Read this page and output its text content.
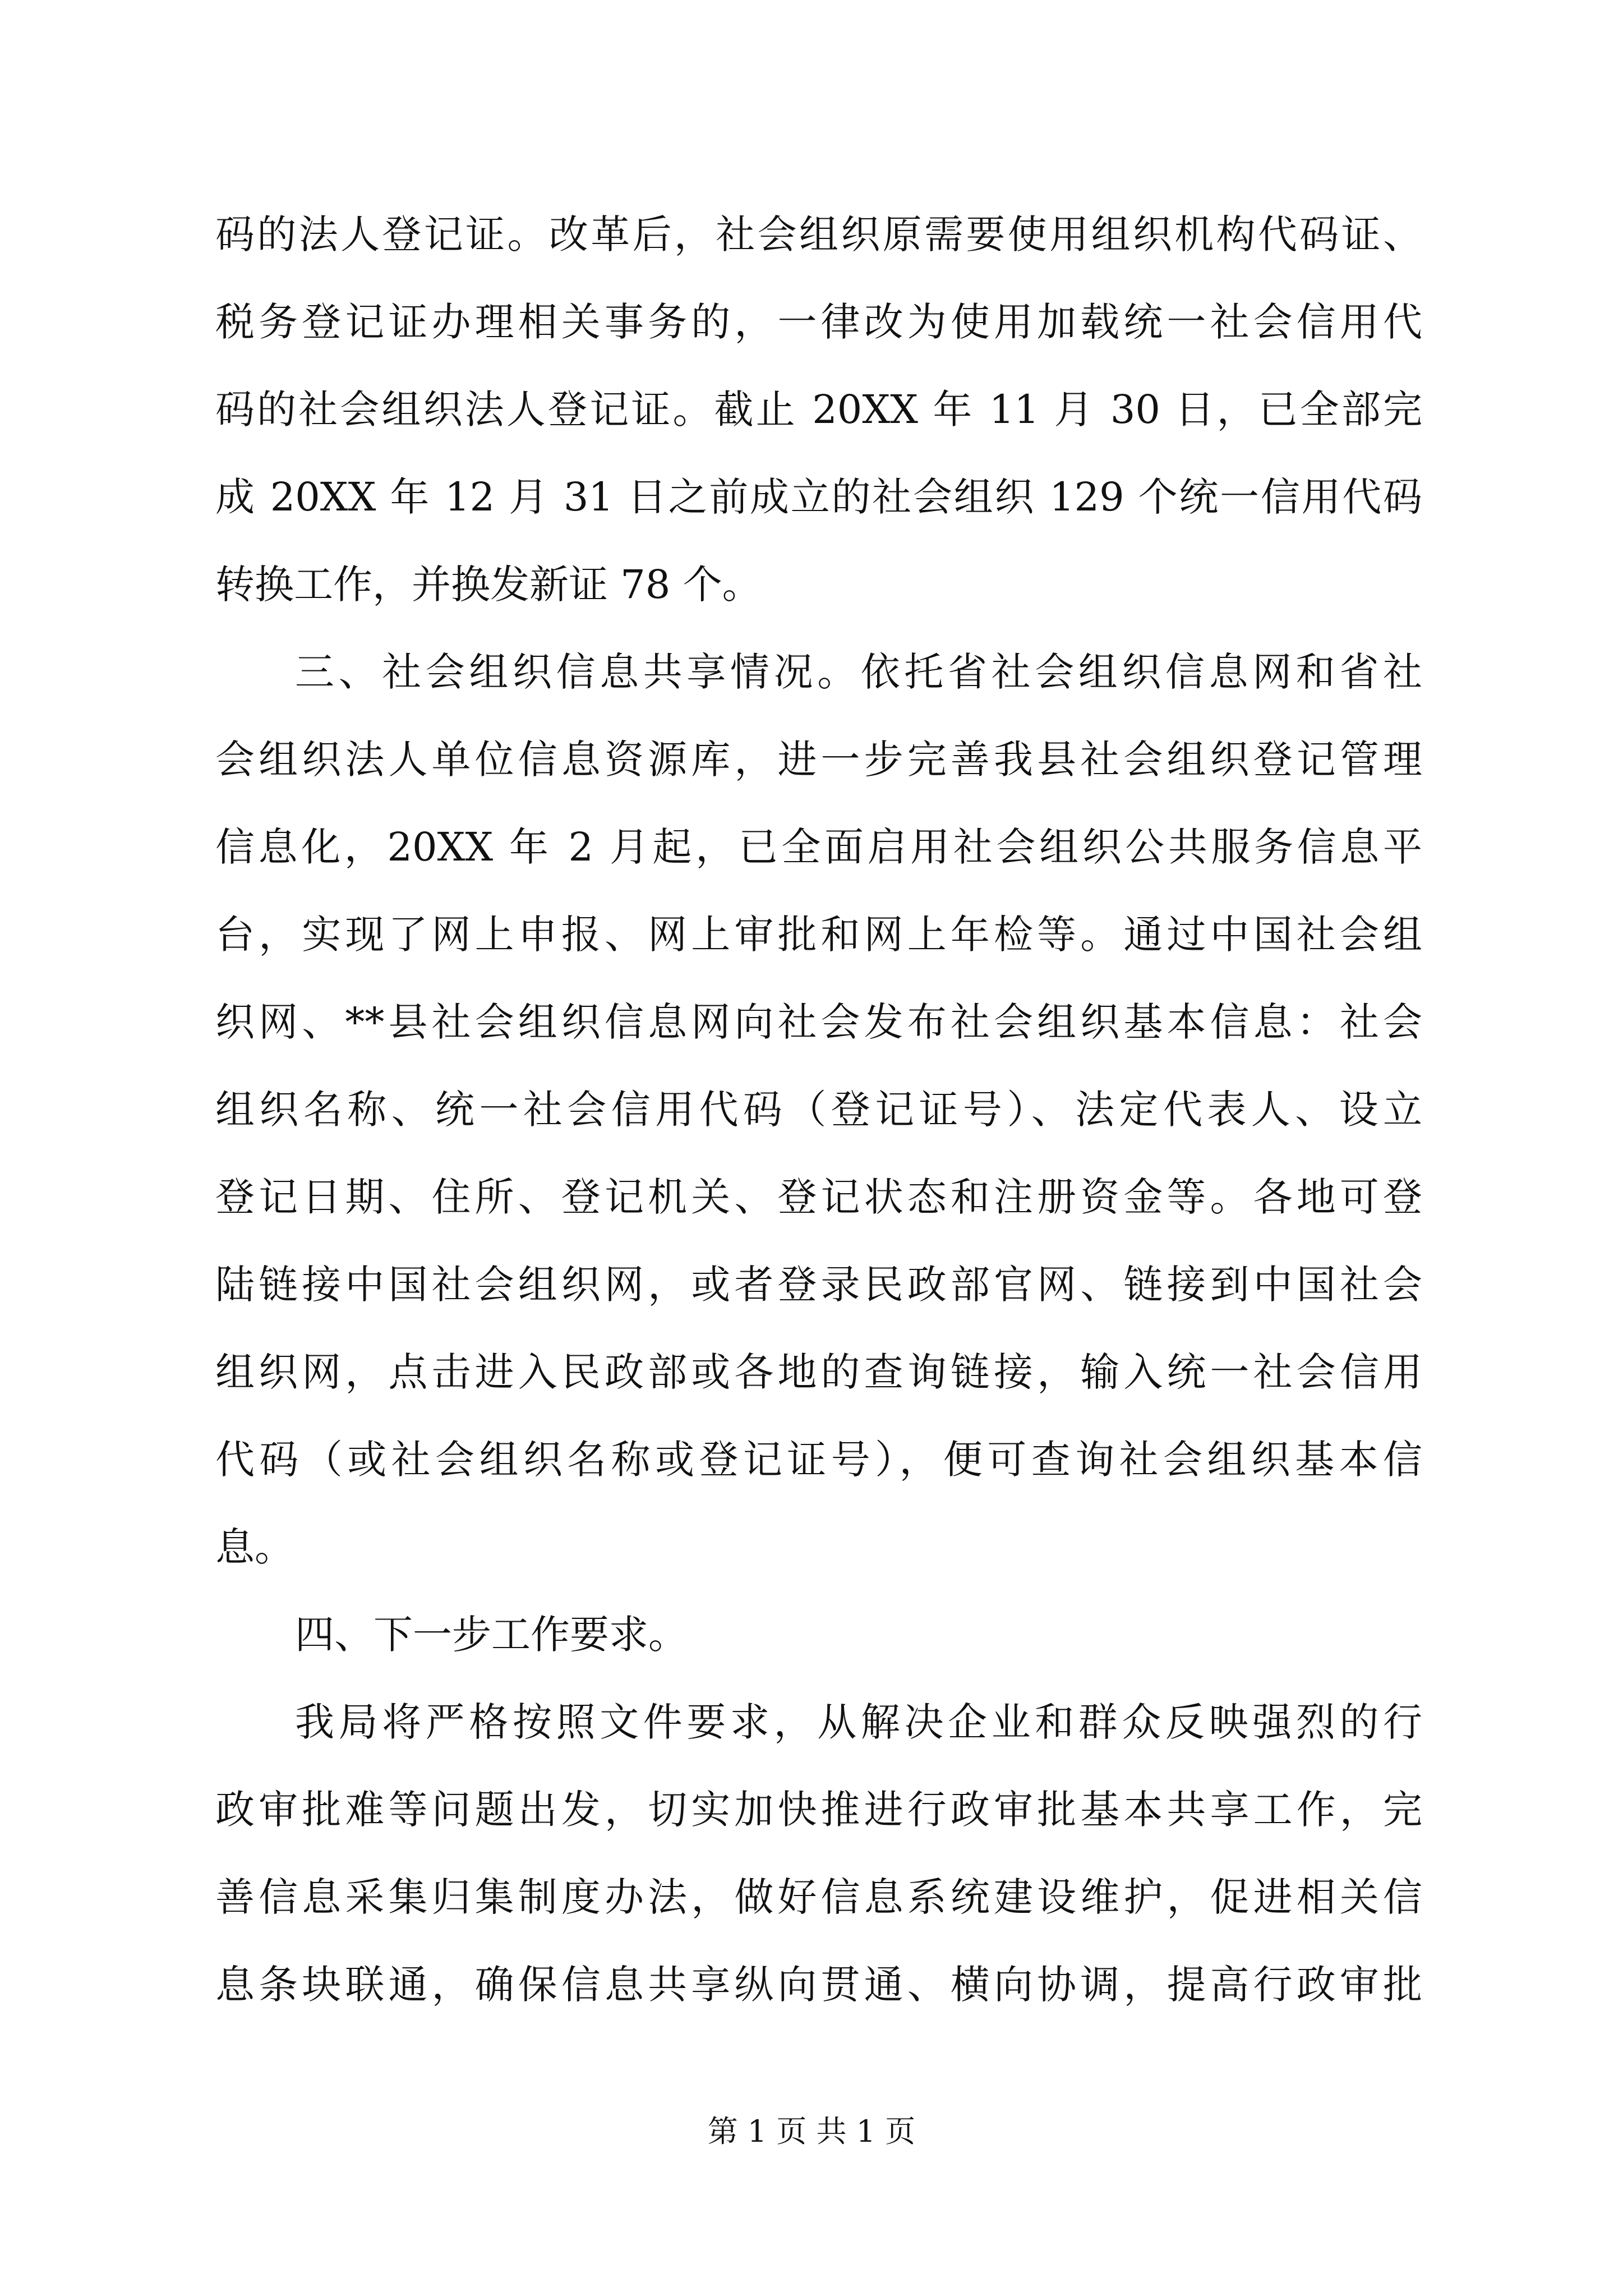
码的法人登记证。改革后，社会组织原需要使用组织机构代码证、
税务登记证办理相关事务的，一律改为使用加载统一社会信用代
码的社会组织法人登记证。截止 20XX 年 11 月 30 日，已全部完
成 20XX 年 12 月 31 日之前成立的社会组织 129 个统一信用代码
转换工作，并换发新证 78 个。
三、社会组织信息共享情况。依托省社会组织信息网和省社
会组织法人单位信息资源库，进一步完善我县社会组织登记管理
信息化，20XX 年 2 月起，已全面启用社会组织公共服务信息平
台，实现了网上申报、网上审批和网上年检等。通过中国社会组
织网、**县社会组织信息网向社会发布社会组织基本信息：社会
组织名称、统一社会信用代码（登记证号）、法定代表人、设立
登记日期、住所、登记机关、登记状态和注册资金等。各地可登
陆链接中国社会组织网，或者登录民政部官网、链接到中国社会
组织网，点击进入民政部或各地的查询链接，输入统一社会信用
代码（或社会组织名称或登记证号），便可查询社会组织基本信
息。
四、下一步工作要求。
我局将严格按照文件要求，从解决企业和群众反映强烈的行
政审批难等问题出发，切实加快推进行政审批基本共享工作，完
善信息采集归集制度办法，做好信息系统建设维护，促进相关信
息条块联通，确保信息共享纵向贯通、横向协调，提高行政审批
第 1 页 共 1 页
